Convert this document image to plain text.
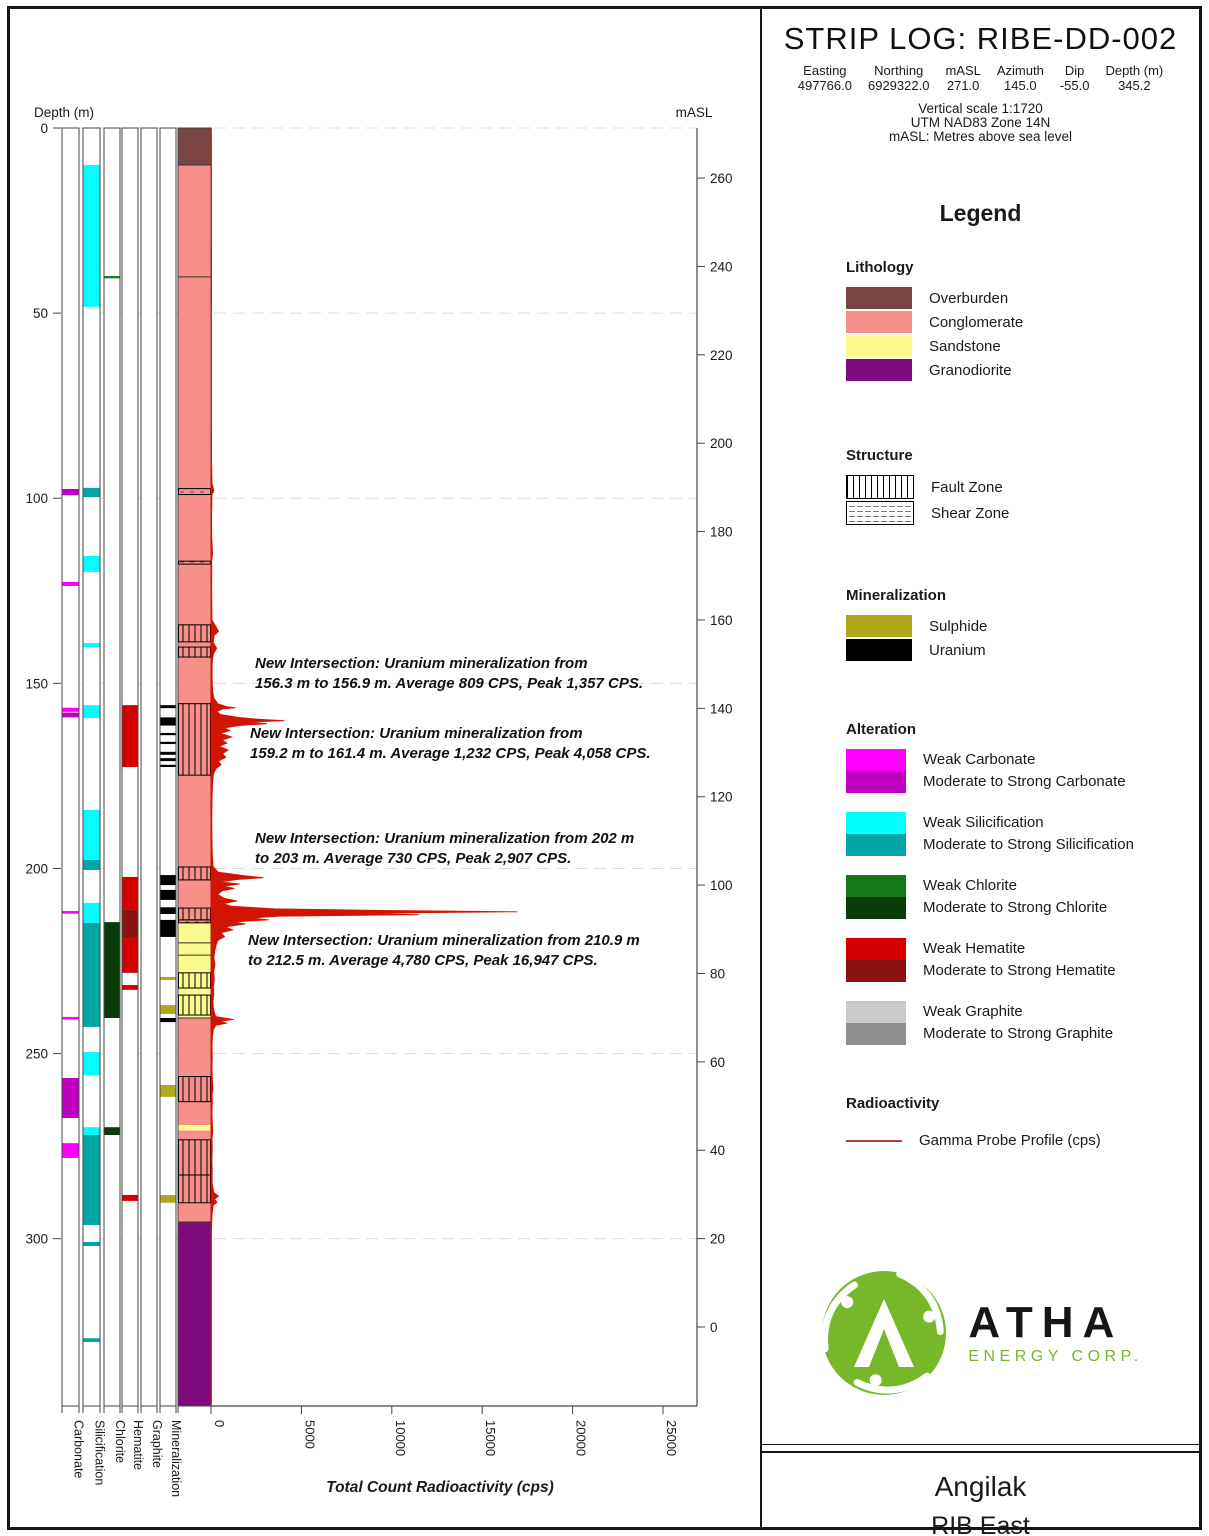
0
50
100
150
200
250
300
Depth (m)
260
240
220
200
180
160
140
120
100
80
60
40
20
0
mASL
0	5000	10000	15000	20000	25000
Total Count Radioactivity (cps)
Carbonate Silicification Chlorite Hematite Graphite Mineralization
New Intersection: Uranium mineralization from 156.3 m to 156.9 m. Average 809 CPS, Peak 1,357 CPS.
New Intersection: Uranium mineralization from 159.2 m to 161.4 m. Average 1,232 CPS, Peak 4,058 CPS.
New Intersection: Uranium mineralization from 202 m to 203 m. Average 730 CPS, Peak 2,907 CPS.
New Intersection: Uranium mineralization from 210.9 m to 212.5 m. Average 4,780 CPS, Peak 16,947 CPS.
STRIP LOG: RIBE-DD-002
Easting
497766.0
Northing
6929322.0
mASL
271.0
Azimuth
145.0
Dip
-55.0
Depth (m)
345.2
Vertical scale 1:1720
UTM NAD83 Zone 14N
mASL: Metres above sea level
Legend
Lithology
Overburden
Conglomerate
Sandstone
Granodiorite
Structure
Fault Zone
Shear Zone
Mineralization
Sulphide
Uranium
Alteration
Weak Carbonate
Moderate to Strong Carbonate
Weak Silicification
Moderate to Strong Silicification
Weak Chlorite
Moderate to Strong Chlorite
Weak Hematite
Moderate to Strong Hematite
Weak Graphite
Moderate to Strong Graphite
Radioactivity
Gamma Probe Profile (cps)
ATHA
ENERGY CORP.
Angilak
RIB East
